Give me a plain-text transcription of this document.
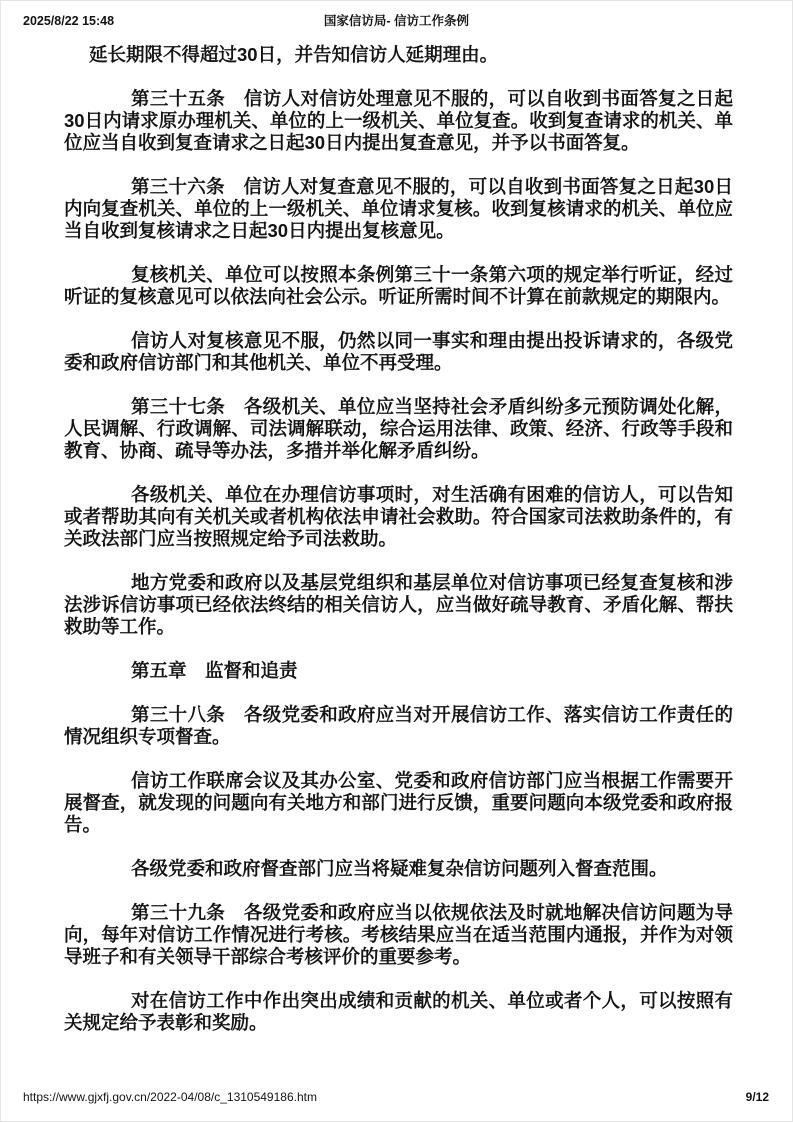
2025/8/22 15:48	国家信访局- 信访工作条例

延长期限不得超过30日，并告知信访人延期理由。

第三十五条　信访人对信访处理意见不服的，可以自收到书面答复之日起30日内请求原办理机关、单位的上一级机关、单位复查。收到复查请求的机关、单位应当自收到复查请求之日起30日内提出复查意见，并予以书面答复。

第三十六条　信访人对复查意见不服的，可以自收到书面答复之日起30日内向复查机关、单位的上一级机关、单位请求复核。收到复核请求的机关、单位应当自收到复核请求之日起30日内提出复核意见。

复核机关、单位可以按照本条例第三十一条第六项的规定举行听证，经过听证的复核意见可以依法向社会公示。听证所需时间不计算在前款规定的期限内。

信访人对复核意见不服，仍然以同一事实和理由提出投诉请求的，各级党委和政府信访部门和其他机关、单位不再受理。

第三十七条　各级机关、单位应当坚持社会矛盾纠纷多元预防调处化解，人民调解、行政调解、司法调解联动，综合运用法律、政策、经济、行政等手段和教育、协商、疏导等办法，多措并举化解矛盾纠纷。

各级机关、单位在办理信访事项时，对生活确有困难的信访人，可以告知或者帮助其向有关机关或者机构依法申请社会救助。符合国家司法救助条件的，有关政法部门应当按照规定给予司法救助。

地方党委和政府以及基层党组织和基层单位对信访事项已经复查复核和涉法涉诉信访事项已经依法终结的相关信访人，应当做好疏导教育、矛盾化解、帮扶救助等工作。

第五章　监督和追责

第三十八条　各级党委和政府应当对开展信访工作、落实信访工作责任的情况组织专项督查。

信访工作联席会议及其办公室、党委和政府信访部门应当根据工作需要开展督查，就发现的问题向有关地方和部门进行反馈，重要问题向本级党委和政府报告。

各级党委和政府督查部门应当将疑难复杂信访问题列入督查范围。

第三十九条　各级党委和政府应当以依规依法及时就地解决信访问题为导向，每年对信访工作情况进行考核。考核结果应当在适当范围内通报，并作为对领导班子和有关领导干部综合考核评价的重要参考。

对在信访工作中作出突出成绩和贡献的机关、单位或者个人，可以按照有关规定给予表彰和奖励。

https://www.gjxfj.gov.cn/2022-04/08/c_1310549186.htm	9/12
